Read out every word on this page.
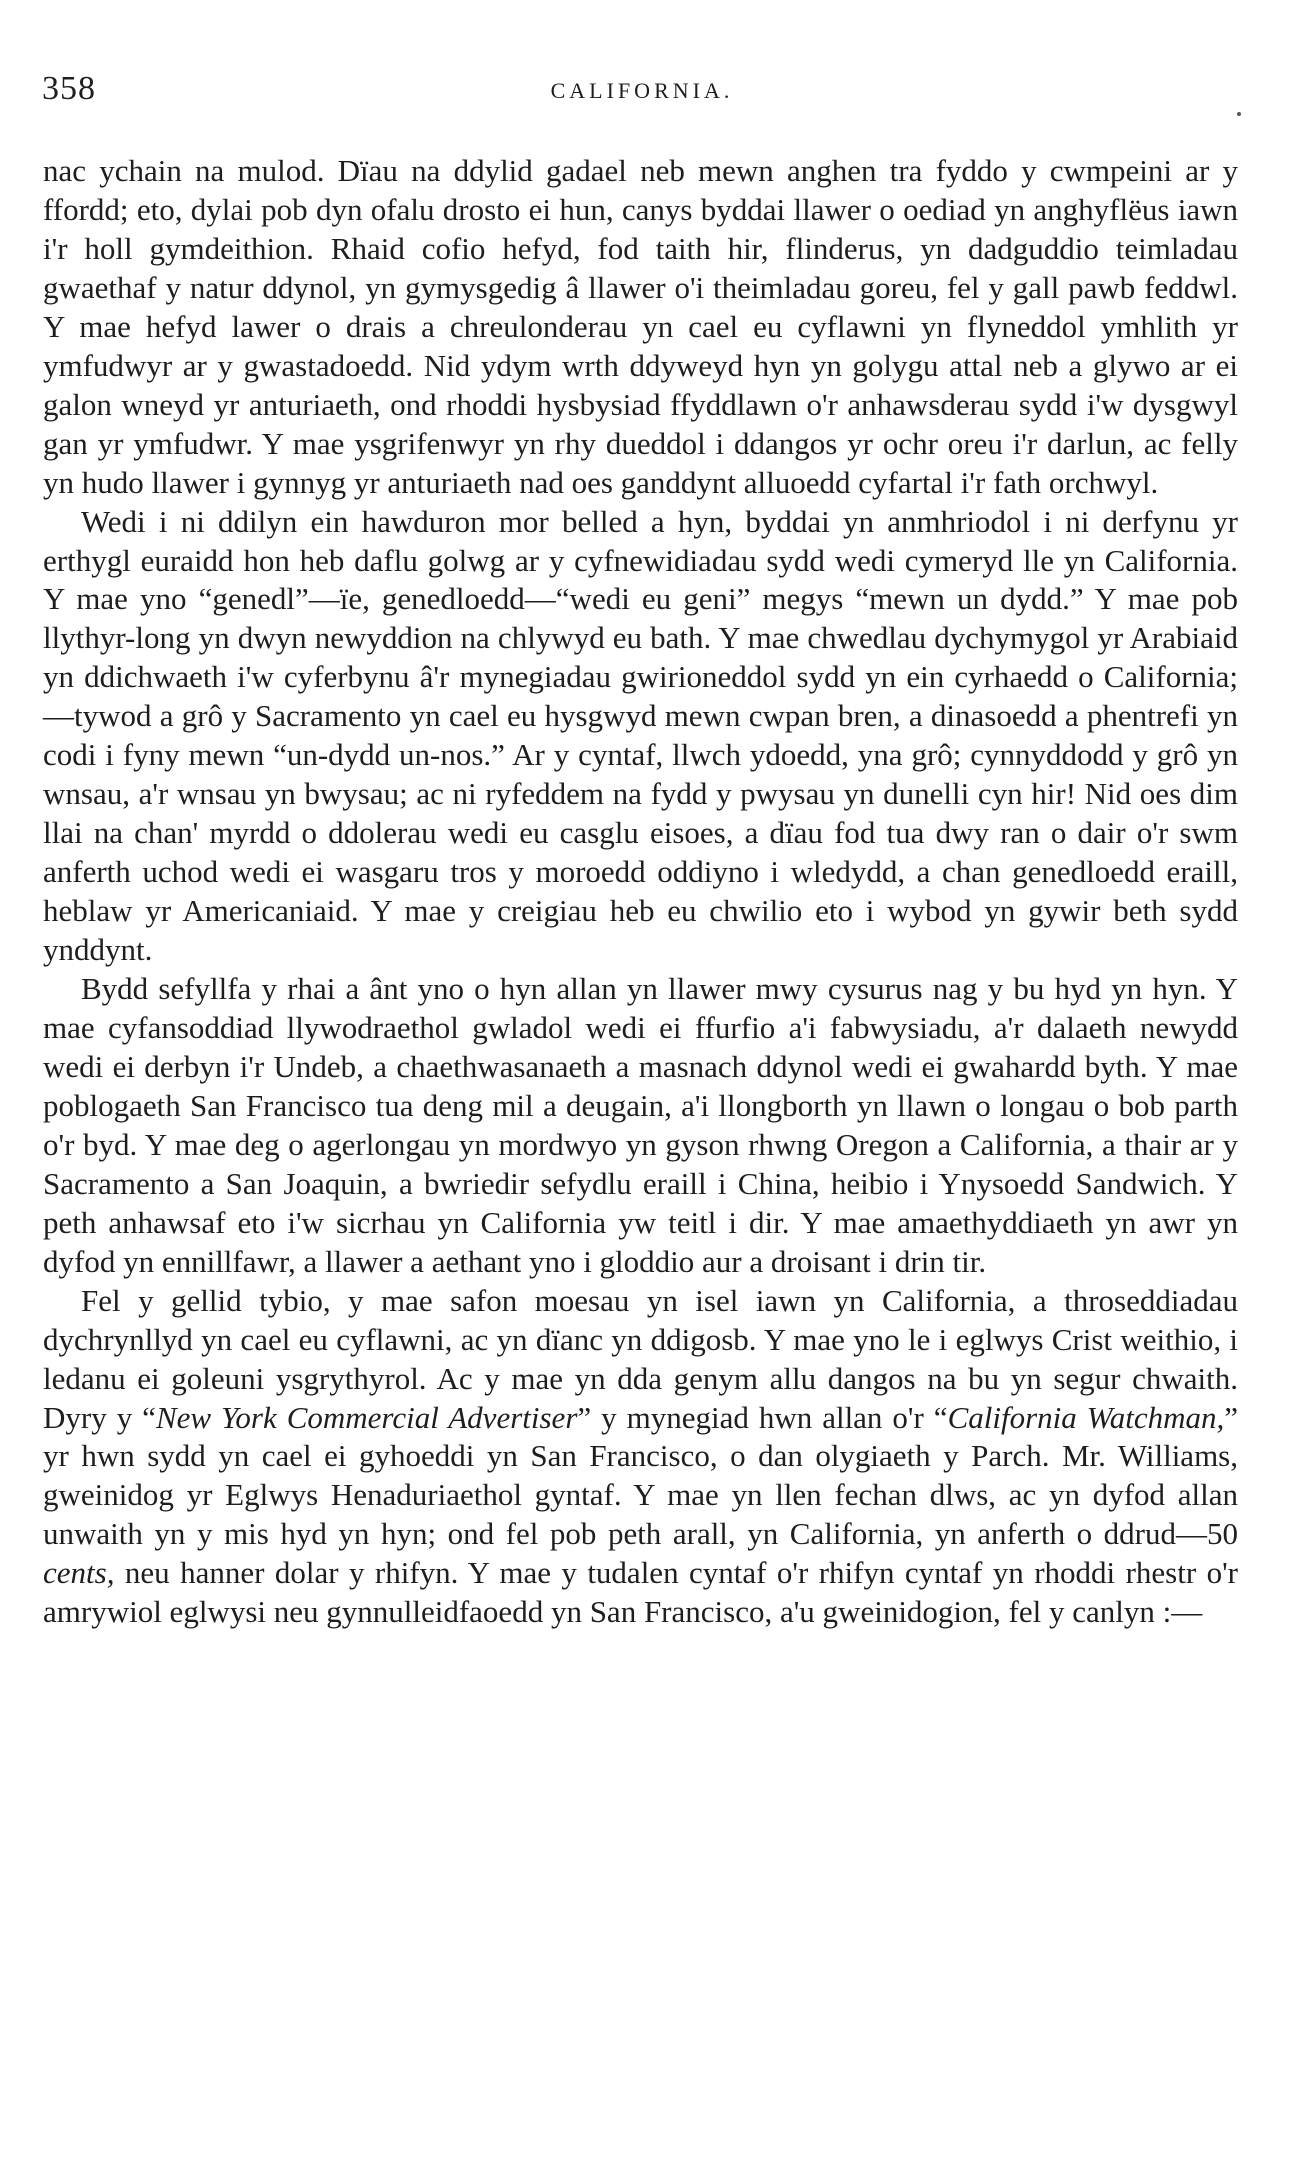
358	CALIFORNIA.

nac ychain na mulod. Dïau na ddylid gadael neb mewn anghen tra fyddo y cwmpeini ar y ffordd; eto, dylai pob dyn ofalu drosto ei hun, canys byddai llawer o oediad yn anghyflëus iawn i'r holl gymdeithion. Rhaid cofio hefyd, fod taith hir, flinderus, yn dadguddio teimladau gwaethaf y natur ddynol, yn gymysgedig â llawer o'i theimladau goreu, fel y gall pawb feddwl. Y mae hefyd lawer o drais a chreulonderau yn cael eu cyflawni yn flyneddol ymhlith yr ymfudwyr ar y gwastadoedd. Nid ydym wrth ddyweyd hyn yn golygu attal neb a glywo ar ei galon wneyd yr anturiaeth, ond rhoddi hysbysiad ffyddlawn o'r anhawsderau sydd i'w dysgwyl gan yr ymfudwr. Y mae ysgrifenwyr yn rhy dueddol i ddangos yr ochr oreu i'r darlun, ac felly yn hudo llawer i gynnyg yr anturiaeth nad oes ganddynt alluoedd cyfartal i'r fath orchwyl.

Wedi i ni ddilyn ein hawduron mor belled a hyn, byddai yn anmhriodol i ni derfynu yr erthygl euraidd hon heb daflu golwg ar y cyfnewidiadau sydd wedi cymeryd lle yn California. Y mae yno “genedl”—ïe, genedloedd—“wedi eu geni” megys “mewn un dydd.” Y mae pob llythyr-long yn dwyn newyddion na chlywyd eu bath. Y mae chwedlau dychymygol yr Arabiaid yn ddichwaeth i'w cyferbynu â'r mynegiadau gwirioneddol sydd yn ein cyrhaedd o California;—tywod a grô y Sacramento yn cael eu hysgwyd mewn cwpan bren, a dinasoedd a phentrefi yn codi i fyny mewn “un-dydd un-nos.” Ar y cyntaf, llwch ydoedd, yna grô; cynnyddodd y grô yn wnsau, a'r wnsau yn bwysau; ac ni ryfeddem na fydd y pwysau yn dunelli cyn hir! Nid oes dim llai na chan' myrdd o ddolerau wedi eu casglu eisoes, a dïau fod tua dwy ran o dair o'r swm anferth uchod wedi ei wasgaru tros y moroedd oddiyno i wledydd, a chan genedloedd eraill, heblaw yr Americaniaid. Y mae y creigiau heb eu chwilio eto i wybod yn gywir beth sydd ynddynt.

Bydd sefyllfa y rhai a ânt yno o hyn allan yn llawer mwy cysurus nag y bu hyd yn hyn. Y mae cyfansoddiad llywodraethol gwladol wedi ei ffurfio a'i fabwysiadu, a'r dalaeth newydd wedi ei derbyn i'r Undeb, a chaethwasanaeth a masnach ddynol wedi ei gwahardd byth. Y mae poblogaeth San Francisco tua deng mil a deugain, a'i llongborth yn llawn o longau o bob parth o'r byd. Y mae deg o agerlongau yn mordwyo yn gyson rhwng Oregon a California, a thair ar y Sacramento a San Joaquin, a bwriedir sefydlu eraill i China, heibio i Ynysoedd Sandwich. Y peth anhawsaf eto i'w sicrhau yn California yw teitl i dir. Y mae amaethyddiaeth yn awr yn dyfod yn ennillfawr, a llawer a aethant yno i gloddio aur a droisant i drin tir.

Fel y gellid tybio, y mae safon moesau yn isel iawn yn California, a throseddiadau dychrynllyd yn cael eu cyflawni, ac yn dïanc yn ddigosb. Y mae yno le i eglwys Crist weithio, i ledanu ei goleuni ysgrythyrol. Ac y mae yn dda genym allu dangos na bu yn segur chwaith. Dyry y “New York Commercial Advertiser” y mynegiad hwn allan o'r “California Watchman,” yr hwn sydd yn cael ei gyhoeddi yn San Francisco, o dan olygiaeth y Parch. Mr. Williams, gweinidog yr Eglwys Henaduriaethol gyntaf. Y mae yn llen fechan dlws, ac yn dyfod allan unwaith yn y mis hyd yn hyn; ond fel pob peth arall, yn California, yn anferth o ddrud—50 cents, neu hanner dolar y rhifyn. Y mae y tudalen cyntaf o'r rhifyn cyntaf yn rhoddi rhestr o'r amrywiol eglwysi neu gynnulleidfaoedd yn San Francisco, a'u gweinidogion, fel y canlyn :—
